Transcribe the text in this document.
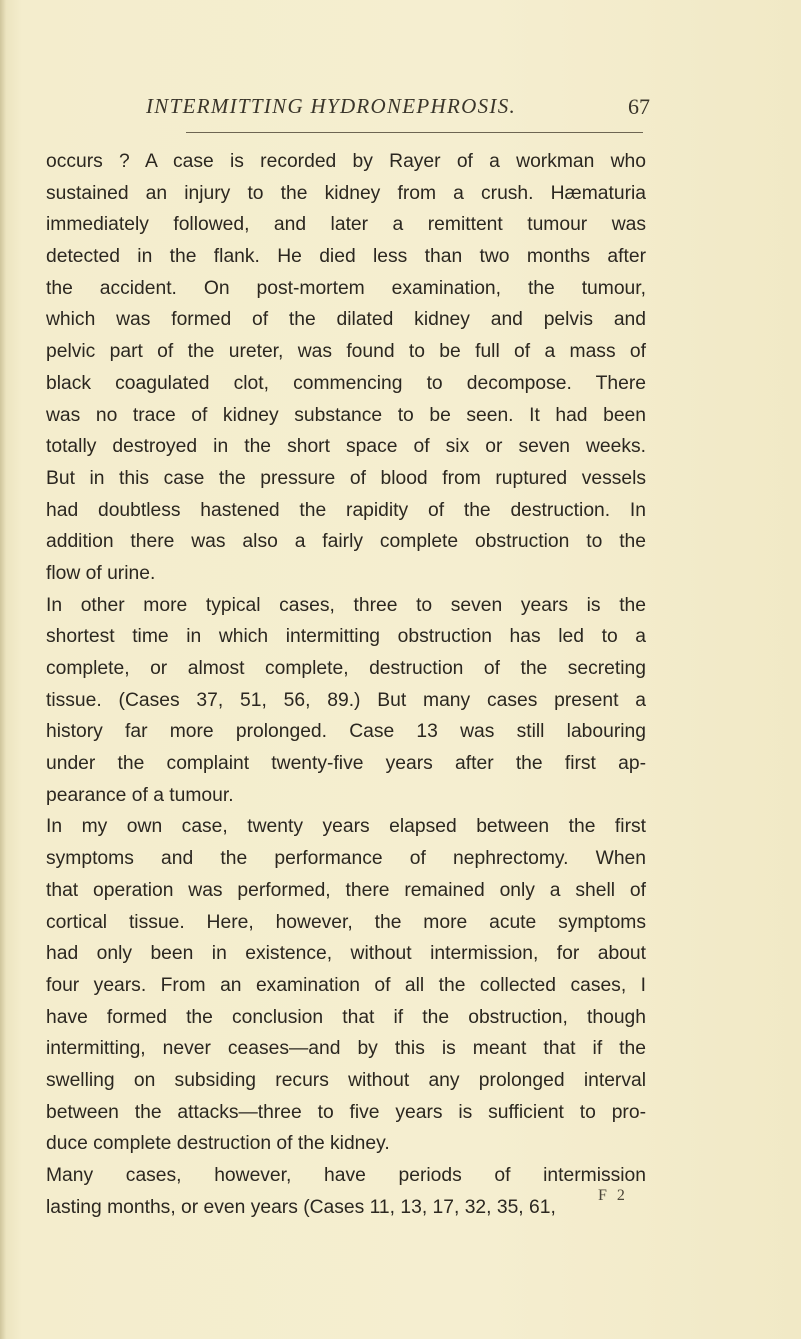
INTERMITTING HYDRONEPHROSIS.	67
occurs ? A case is recorded by Rayer of a workman who
sustained an injury to the kidney from a crush. Hæmaturia
immediately followed, and later a remittent tumour was
detected in the flank. He died less than two months after
the accident. On post-mortem examination, the tumour,
which was formed of the dilated kidney and pelvis and
pelvic part of the ureter, was found to be full of a mass of
black coagulated clot, commencing to decompose. There
was no trace of kidney substance to be seen. It had been
totally destroyed in the short space of six or seven weeks.
But in this case the pressure of blood from ruptured vessels
had doubtless hastened the rapidity of the destruction. In
addition there was also a fairly complete obstruction to the
flow of urine.
In other more typical cases, three to seven years is the
shortest time in which intermitting obstruction has led to a
complete, or almost complete, destruction of the secreting
tissue. (Cases 37, 51, 56, 89.) But many cases present a
history far more prolonged. Case 13 was still labouring
under the complaint twenty-five years after the first ap-
pearance of a tumour.
In my own case, twenty years elapsed between the first
symptoms and the performance of nephrectomy. When
that operation was performed, there remained only a shell of
cortical tissue. Here, however, the more acute symptoms
had only been in existence, without intermission, for about
four years. From an examination of all the collected cases, I
have formed the conclusion that if the obstruction, though
intermitting, never ceases—and by this is meant that if the
swelling on subsiding recurs without any prolonged interval
between the attacks—three to five years is sufficient to pro-
duce complete destruction of the kidney.
Many cases, however, have periods of intermission
lasting months, or even years (Cases 11, 13, 17, 32, 35, 61,
F 2
